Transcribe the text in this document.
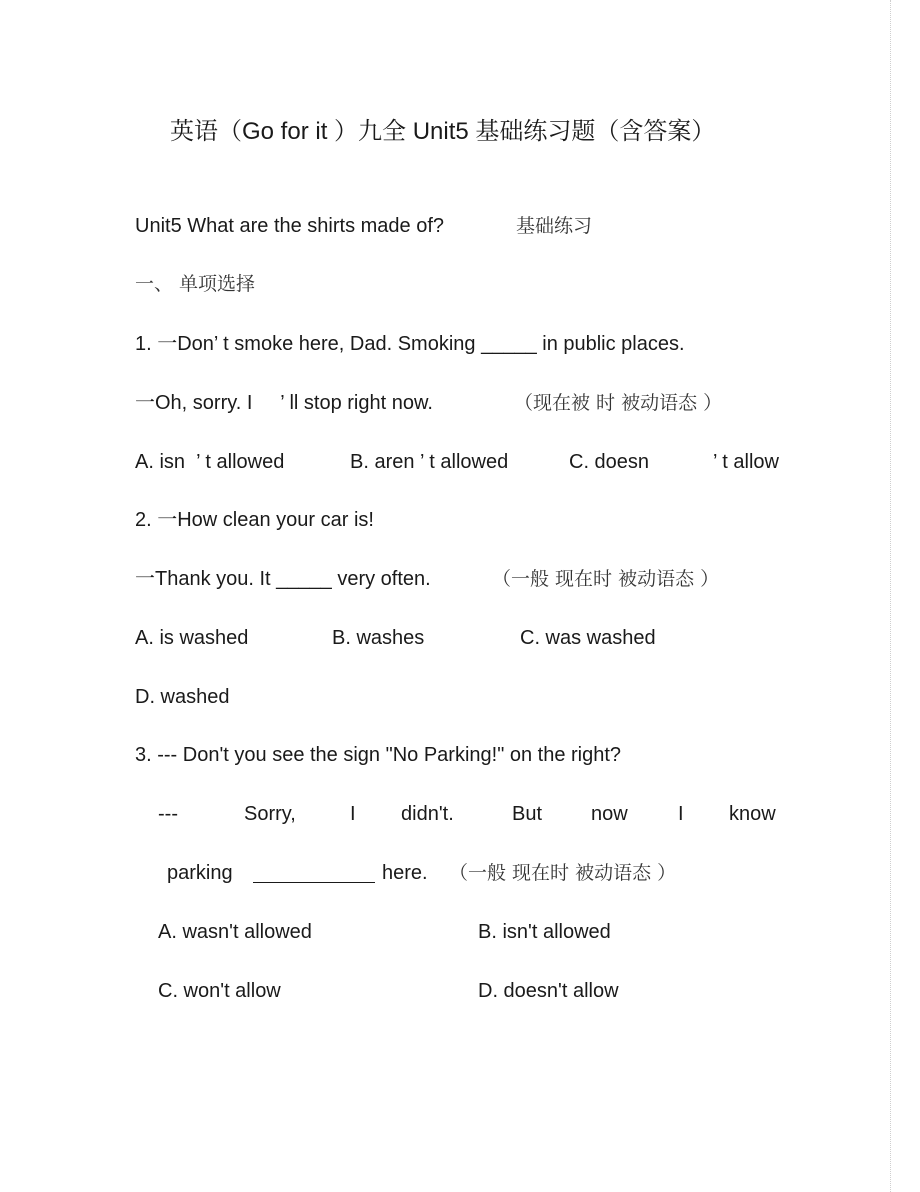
英语（Go for it ）九全 Unit5 基础练习题（含答案）
Unit5 What are the shirts made of?	基础练习
一、 单项选择
1. 一Don’ t smoke here, Dad. Smoking _____ in public places.
一Oh, sorry. I     ’ ll stop right now.	（现在被 时 被动语态 ）
A. isn  ’ t allowed	B. aren ’ t allowed	C. doesn	’ t allow
2. 一How clean your car is!
一Thank you. It _____ very often.	（一般 现在时 被动语态 ）
A. is washed	B. washes	C. was washed
D. washed
3. --- Don't you see the sign "No Parking!" on the right?
---	Sorry,	I didn't.	But now	I know
parking	here. （一般 现在时 被动语态 ）
A. wasn't allowed	B. isn't allowed
C. won't allow	D. doesn't allow
